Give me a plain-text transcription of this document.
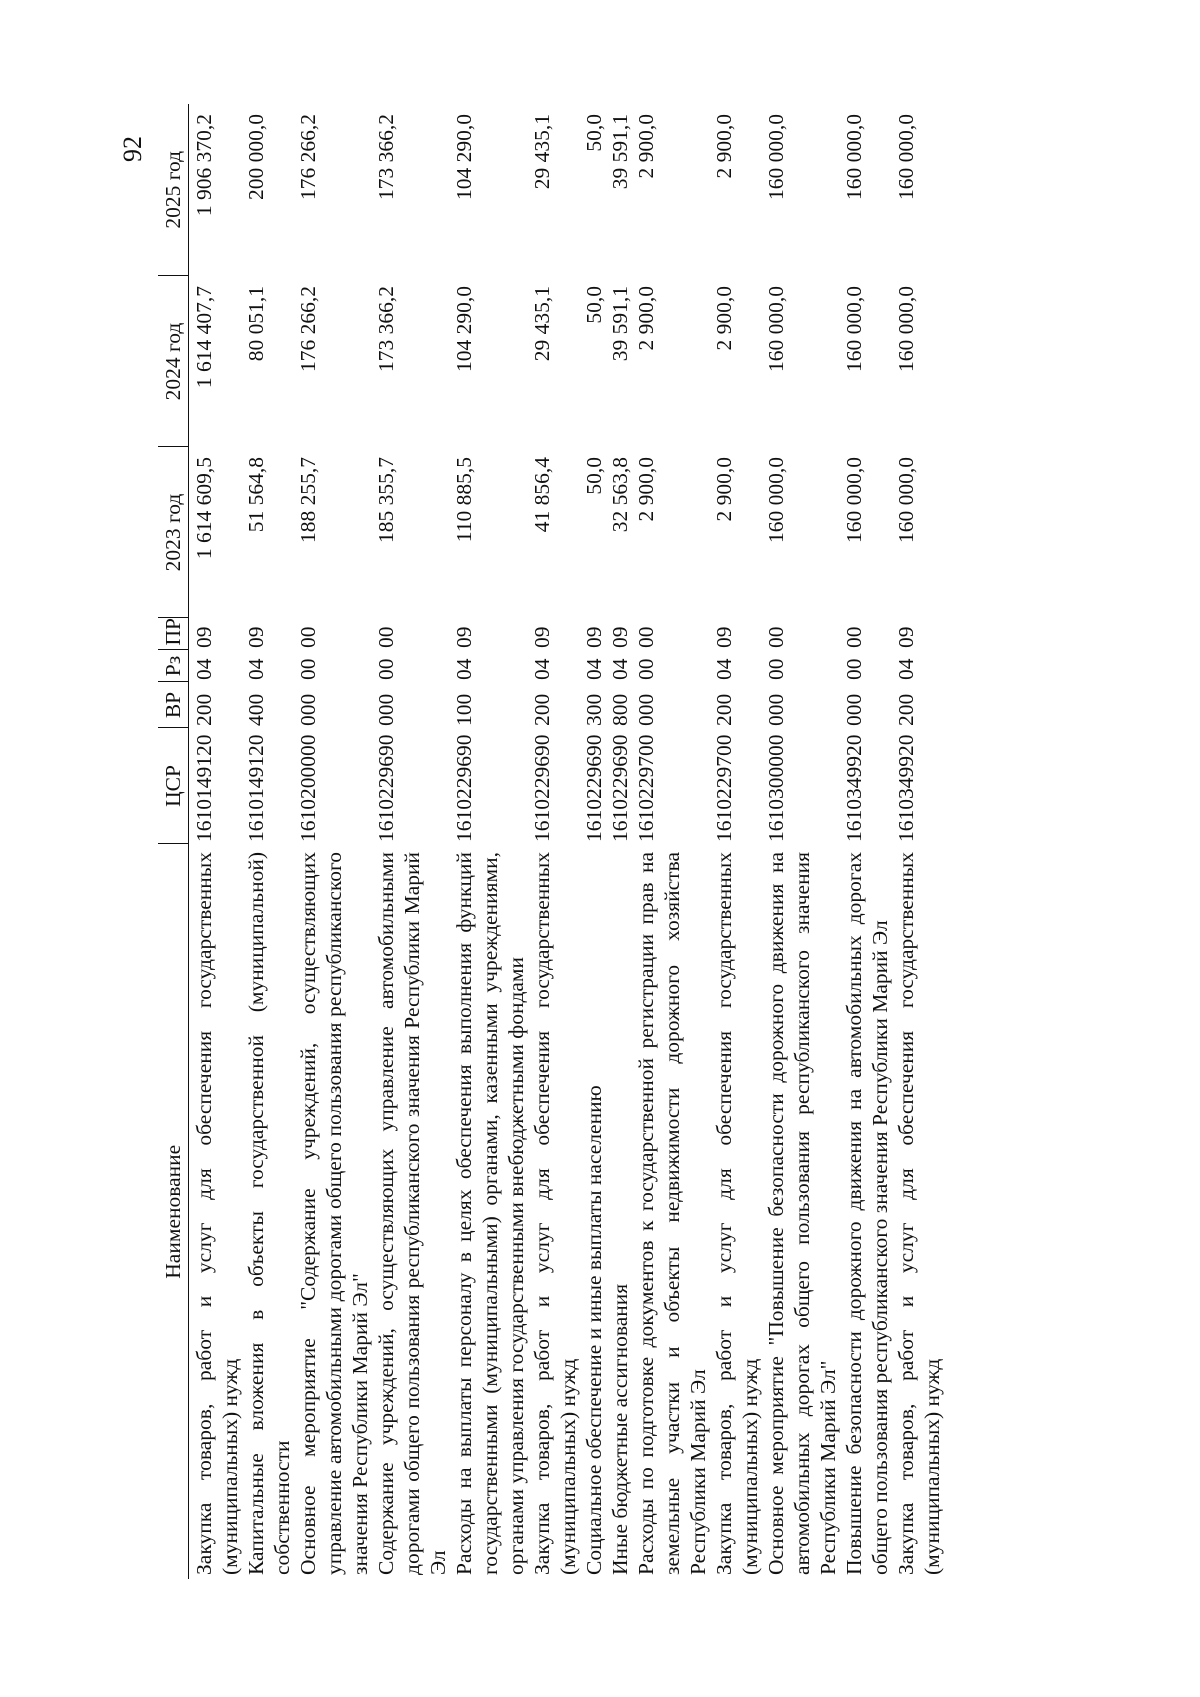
92
Наименование	ЦСР	ВР	Рз	ПР	2023 год	2024 год	2025 год
Закупка товаров, работ и услуг для обеспечения государственных (муниципальных) нужд	1610149120	200	04	09	1 614 609,5	1 614 407,7	1 906 370,2
Капитальные вложения в объекты государственной (муниципальной) собственности	1610149120	400	04	09	51 564,8	80 051,1	200 000,0
Основное мероприятие "Содержание учреждений, осуществляющих управление автомобильными дорогами общего пользования республиканского значения Республики Марий Эл"	1610200000	000	00	00	188 255,7	176 266,2	176 266,2
Содержание учреждений, осуществляющих управление автомобильными дорогами общего пользования республиканского значения Республики Марий Эл	1610229690	000	00	00	185 355,7	173 366,2	173 366,2
Расходы на выплаты персоналу в целях обеспечения выполнения функций государственными (муниципальными) органами, казенными учреждениями, органами управления государственными внебюджетными фондами	1610229690	100	04	09	110 885,5	104 290,0	104 290,0
Закупка товаров, работ и услуг для обеспечения государственных (муниципальных) нужд	1610229690	200	04	09	41 856,4	29 435,1	29 435,1
Социальное обеспечение и иные выплаты населению	1610229690	300	04	09	50,0	50,0	50,0
Иные бюджетные ассигнования	1610229690	800	04	09	32 563,8	39 591,1	39 591,1
Расходы по подготовке документов к государственной регистрации прав на земельные участки и объекты недвижимости дорожного хозяйства Республики Марий Эл	1610229700	000	00	00	2 900,0	2 900,0	2 900,0
Закупка товаров, работ и услуг для обеспечения государственных (муниципальных) нужд	1610229700	200	04	09	2 900,0	2 900,0	2 900,0
Основное мероприятие "Повышение безопасности дорожного движения на автомобильных дорогах общего пользования республиканского значения Республики Марий Эл"	1610300000	000	00	00	160 000,0	160 000,0	160 000,0
Повышение безопасности дорожного движения на автомобильных дорогах общего пользования республиканского значения Республики Марий Эл	1610349920	000	00	00	160 000,0	160 000,0	160 000,0
Закупка товаров, работ и услуг для обеспечения государственных (муниципальных) нужд	1610349920	200	04	09	160 000,0	160 000,0	160 000,0
